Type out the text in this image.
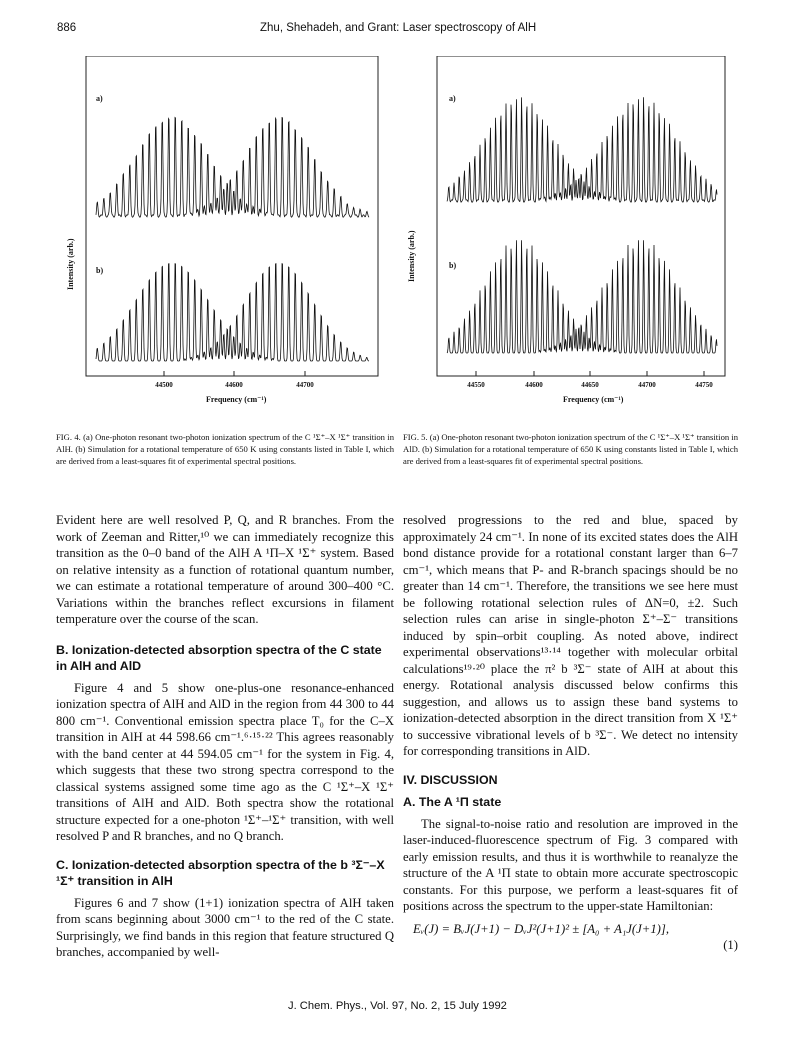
886	Zhu, Shehadeh, and Grant: Laser spectroscopy of AlH
a)
b)
Intensity (arb.)
44500	44600	44700
Frequency (cm⁻¹)
FIG. 4. (a) One-photon resonant two-photon ionization spectrum of the C ¹Σ⁺–X ¹Σ⁺ transition in AlH. (b) Simulation for a rotational temperature of 650 K using constants listed in Table I, which are derived from a least-squares fit of experimental spectral positions.
a)
b)
Intensity (arb.)
44550	44600	44650	44700	44750
Frequency (cm⁻¹)
FIG. 5. (a) One-photon resonant two-photon ionization spectrum of the C ¹Σ⁺–X ¹Σ⁺ transition in AlD. (b) Simulation for a rotational temperature of 650 K using constants listed in Table I, which are derived from a least-squares fit of experimental spectral positions.

Evident here are well resolved P, Q, and R branches. From the work of Zeeman and Ritter,¹⁰ we can immediately recognize this transition as the 0–0 band of the AlH A ¹Π–X ¹Σ⁺ system. Based on relative intensity as a function of rotational quantum number, we can estimate a rotational temperature of around 300–400 °C. Variations within the branches reflect excursions in filament temperature over the course of the scan.

B. Ionization-detected absorption spectra of the C state in AlH and AlD

Figure 4 and 5 show one-plus-one resonance-enhanced ionization spectra of AlH and AlD in the region from 44 300 to 44 800 cm⁻¹. Conventional emission spectra place T₀ for the C–X transition in AlH at 44 598.66 cm⁻¹.⁶·¹⁵·²² This agrees reasonably with the band center at 44 594.05 cm⁻¹ for the system in Fig. 4, which suggests that these two strong spectra correspond to the classical systems assigned some time ago as the C ¹Σ⁺–X ¹Σ⁺ transitions of AlH and AlD. Both spectra show the rotational structure expected for a one-photon ¹Σ⁺–¹Σ⁺ transition, with well resolved P and R branches, and no Q branch.

C. Ionization-detected absorption spectra of the b ³Σ⁻–X ¹Σ⁺ transition in AlH

Figures 6 and 7 show (1+1) ionization spectra of AlH taken from scans beginning about 3000 cm⁻¹ to the red of the C state. Surprisingly, we find bands in this region that feature structured Q branches, accompanied by well-

resolved progressions to the red and blue, spaced by approximately 24 cm⁻¹. In none of its excited states does the AlH bond distance provide for a rotational constant larger than 6–7 cm⁻¹, which means that P- and R-branch spacings should be no greater than 14 cm⁻¹. Therefore, the transitions we see here must be following rotational selection rules of ΔN=0, ±2. Such selection rules can arise in single-photon Σ⁺–Σ⁻ transitions induced by spin–orbit coupling. As noted above, indirect experimental observations¹³·¹⁴ together with molecular orbital calculations¹⁹·²⁰ place the π² b ³Σ⁻ state of AlH at about this energy. Rotational analysis discussed below confirms this suggestion, and allows us to assign these band systems to ionization-detected absorption in the direct transition from X ¹Σ⁺ to successive vibrational levels of b ³Σ⁻. We detect no intensity for corresponding transitions in AlD.

IV. DISCUSSION

A. The A ¹Π state

The signal-to-noise ratio and resolution are improved in the laser-induced-fluorescence spectrum of Fig. 3 compared with early emission results, and thus it is worthwhile to reanalyze the structure of the A ¹Π state to obtain more accurate spectroscopic constants. For this purpose, we perform a least-squares fit of positions across the spectrum to the upper-state Hamiltonian:

Eᵥ(J) = BᵥJ(J+1) − DᵥJ²(J+1)² ± [A₀ + A₁J(J+1)],

(1)

J. Chem. Phys., Vol. 97, No. 2, 15 July 1992
